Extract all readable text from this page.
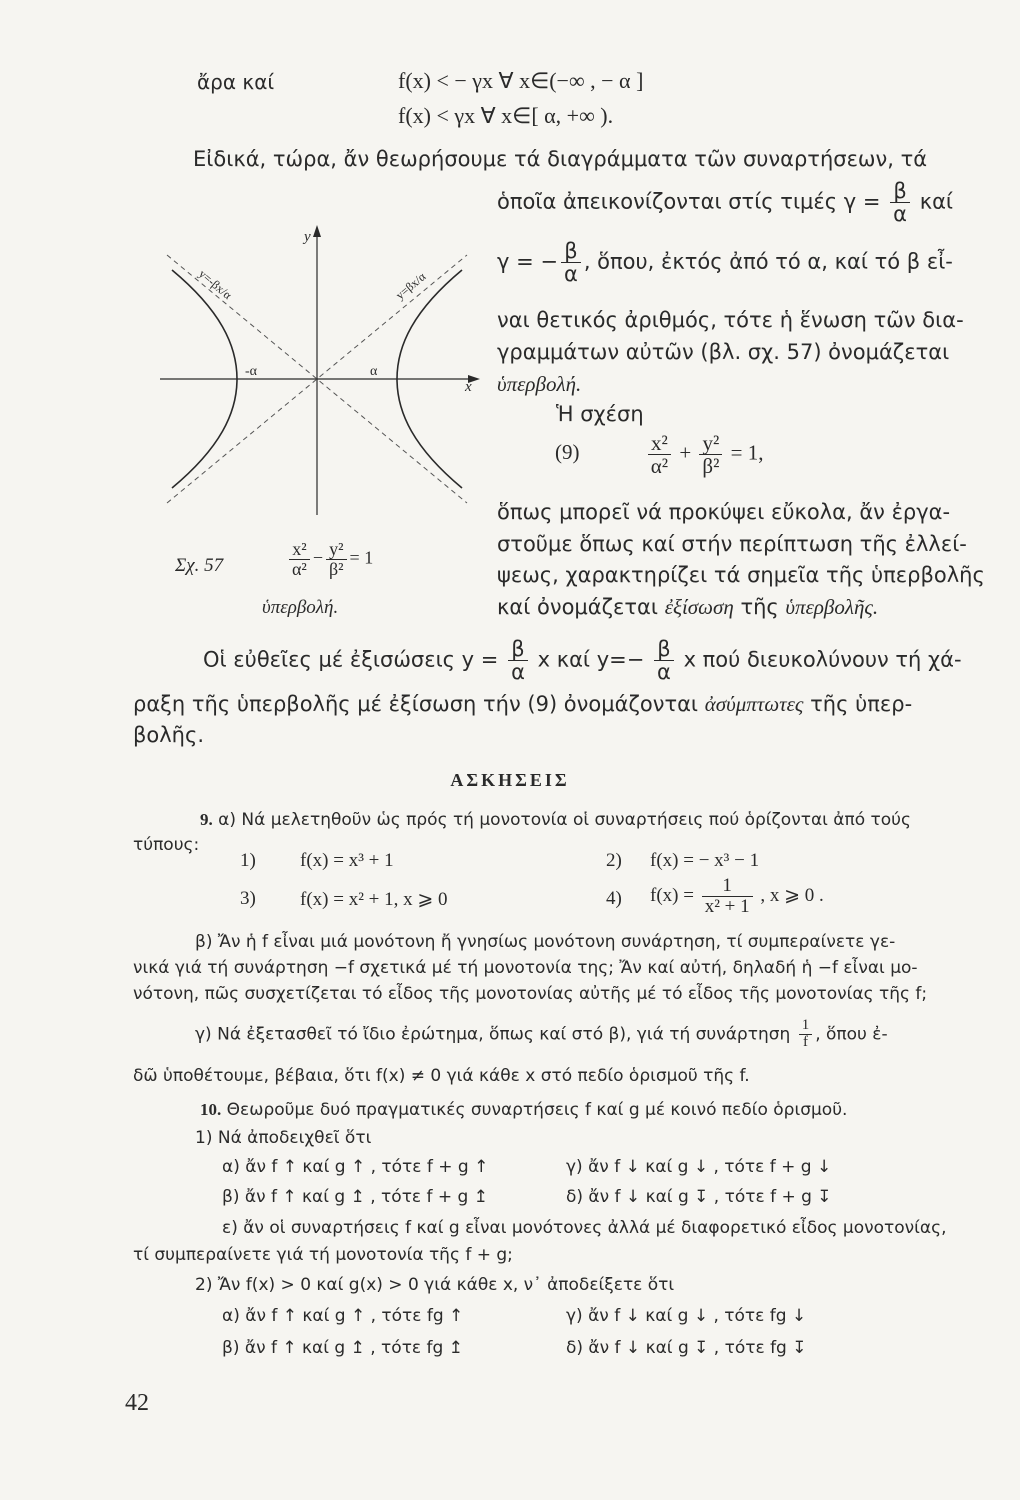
ἄρα καί	f(x) < − γx ∀ x∈(−∞ , − α ]
f(x) < γx ∀ x∈[ α, +∞ ).
Εἰδικά, τώρα, ἄν θεωρήσουμε τά διαγράμματα τῶν συναρτήσεων, τά
ὁποῖα ἀπεικονίζονται στίς τιμές $\gamma = \frac{\beta}{\alpha}$ καί
γ = − $\frac{\beta}{\alpha}$ , ὅπου, ἐκτός ἀπό τό α, καί τό β εἶ-
ναι θετικός ἀριθμός, τότε ἡ ἕνωση τῶν δια-
γραμμάτων αὐτῶν (βλ. σχ. 57) ὀνομάζεται
ὑπερβολή.
Ἡ σχέση
(9)	$\frac{\text{x²}}{\text{α²}} + \frac{\text{y²}}{\text{β²}} = 1$,
ὅπως μπορεῖ νά προκύψει εὔκολα, ἄν ἐργα-
στοῦμε ὅπως καί στήν περίπτωση τῆς ἐλλεί-
ψεως, χαρακτηρίζει τά σημεῖα τῆς ὑπερβολῆς
καί ὀνομάζεται ἐξίσωση τῆς ὑπερβολῆς.
y
x
-α	α
y=-βx/α	y=βx/α
Σχ. 57	$\frac{\text{x²}}{\text{α²}} - \frac{\text{y²}}{\text{β²}} = 1$
ὑπερβολή.
Οἱ εὐθεῖες μέ ἐξισώσεις $y = \frac{\beta}{\alpha}$ x καί $y=- \frac{\beta}{\alpha}$ x πού διευκολύνουν τή χά-
ραξη τῆς ὑπερβολῆς μέ ἐξίσωση τήν (9) ὀνομάζονται ἀσύμπτωτες τῆς ὑπερ-
βολῆς.
ΑΣΚΗΣΕΙΣ
9. α) Νά μελετηθοῦν ὡς πρός τή μονοτονία οἱ συναρτήσεις πού ὁρίζονται ἀπό τούς
τύπους:
1) f(x) = x³ + 1	2) f(x) = − x³ − 1
3) f(x) = x² + 1, x ⩾ 0	4) $f(x) = \frac{1}{\text{x² + 1}}$ , x ⩾ 0 .
β) Ἄν ἡ f εἶναι μιά μονότονη ἤ γνησίως μονότονη συνάρτηση, τί συμπεραίνετε γε-
νικά γιά τή συνάρτηση −f σχετικά μέ τή μονοτονία της; Ἄν καί αὐτή, δηλαδή ἡ −f εἶναι μο-
νότονη, πῶς συσχετίζεται τό εἶδος τῆς μονοτονίας αὐτῆς μέ τό εἶδος τῆς μονοτονίας τῆς f;
γ) Νά ἐξετασθεῖ τό ἴδιο ἐρώτημα, ὅπως καί στό β), γιά τή συνάρτηση $\frac{1}{f}$ , ὅπου ἐ-
δῶ ὑποθέτουμε, βέβαια, ὅτι f(x) ≠ 0 γιά κάθε x στό πεδίο ὁρισμοῦ τῆς f.
10. Θεωροῦμε δυό πραγματικές συναρτήσεις f καί g μέ κοινό πεδίο ὁρισμοῦ.
1) Νά ἀποδειχθεῖ ὅτι
α) ἄν f ↑ καί g ↑ , τότε f + g ↑	γ) ἄν f ↓ καί g ↓ , τότε f + g ↓
β) ἄν f ↑ καί g ↥ , τότε f + g ↥	δ) ἄν f ↓ καί g ↧ , τότε f + g ↧
ε) ἄν οἱ συναρτήσεις f καί g εἶναι μονότονες ἀλλά μέ διαφορετικό εἶδος μονοτονίας,
τί συμπεραίνετε γιά τή μονοτονία τῆς f + g;
2) Ἄν f(x) > 0 καί g(x) > 0 γιά κάθε x, ν᾽ ἀποδείξετε ὅτι
α) ἄν f ↑ καί g ↑ , τότε fg ↑	γ) ἄν f ↓ καί g ↓ , τότε fg ↓
β) ἄν f ↑ καί g ↥ , τότε fg ↥	δ) ἄν f ↓ καί g ↧ , τότε fg ↧
42
